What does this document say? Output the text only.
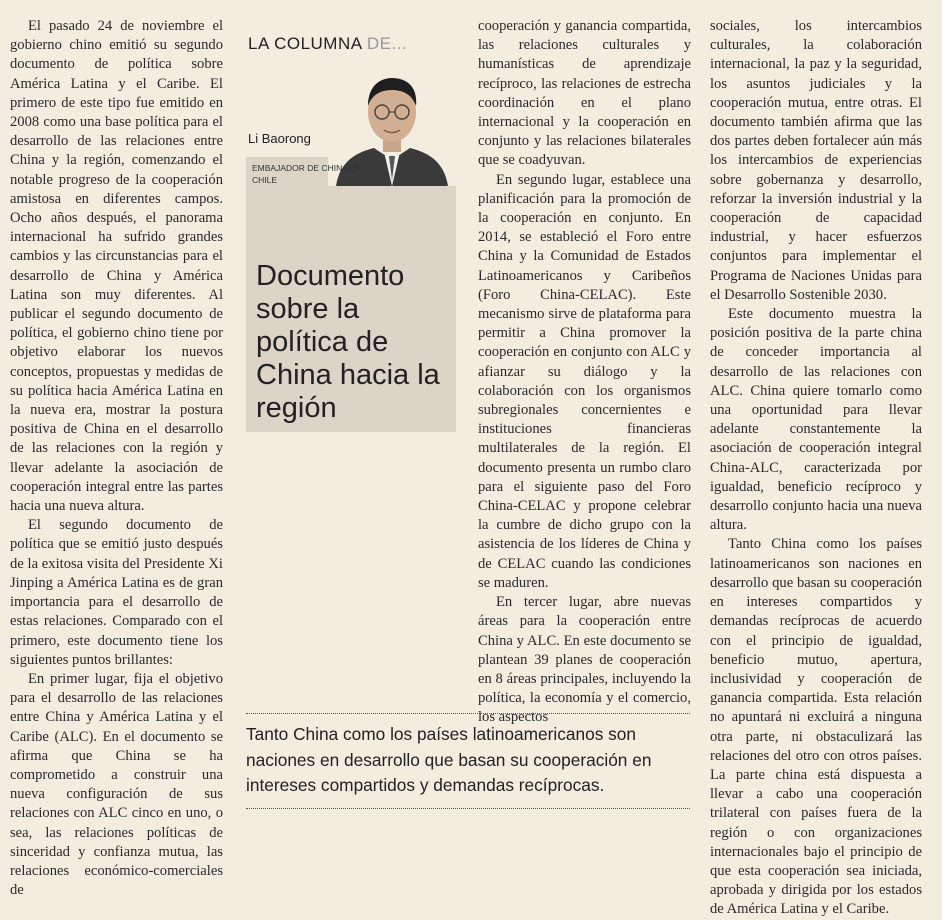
El pasado 24 de noviembre el gobierno chino emitió su segundo documento de política sobre América Latina y el Caribe. El primero de este tipo fue emitido en 2008 como una base política para el desarrollo de las relaciones entre China y la región, comenzando el notable progreso de la cooperación amistosa en diferentes campos. Ocho años después, el panorama internacional ha sufrido grandes cambios y las circunstancias para el desarrollo de China y América Latina son muy diferentes. Al publicar el segundo documento de política, el gobierno chino tiene por objetivo elaborar los nuevos conceptos, propuestas y medidas de su política hacia América Latina en la nueva era, mostrar la postura positiva de China en el desarrollo de las relaciones con la región y llevar adelante la asociación de cooperación integral entre las partes hacia una nueva altura.

El segundo documento de política que se emitió justo después de la exitosa visita del Presidente Xi Jinping a América Latina es de gran importancia para el desarrollo de estas relaciones. Comparado con el primero, este documento tiene los siguientes puntos brillantes:

En primer lugar, fija el objetivo para el desarrollo de las relaciones entre China y América Latina y el Caribe (ALC). En el documento se afirma que China se ha comprometido a construir una nueva configuración de sus relaciones con ALC cinco en uno, o sea, las relaciones políticas de sinceridad y confianza mutua, las relaciones económico-comerciales de

LA COLUMNA DE...
Li Baorong
EMBAJADOR DE CHINA EN CHILE
Documento sobre la política de China hacia la región

cooperación y ganancia compartida, las relaciones culturales y humanísticas de aprendizaje recíproco, las relaciones de estrecha coordinación en el plano internacional y la cooperación en conjunto y las relaciones bilaterales que se coadyuvan.

En segundo lugar, establece una planificación para la promoción de la cooperación en conjunto. En 2014, se estableció el Foro entre China y la Comunidad de Estados Latinoamericanos y Caribeños (Foro China-CELAC). Este mecanismo sirve de plataforma para permitir a China promover la cooperación en conjunto con ALC y afianzar su diálogo y la colaboración con los organismos subregionales concernientes e instituciones financieras multilaterales de la región. El documento presenta un rumbo claro para el siguiente paso del Foro China-CELAC y propone celebrar la cumbre de dicho grupo con la asistencia de los líderes de China y de CELAC cuando las condiciones se maduren.

En tercer lugar, abre nuevas áreas para la cooperación entre China y ALC. En este documento se plantean 39 planes de cooperación en 8 áreas principales, incluyendo la política, la economía y el comercio, los aspectos

sociales, los intercambios culturales, la colaboración internacional, la paz y la seguridad, los asuntos judiciales y la cooperación mutua, entre otras. El documento también afirma que las dos partes deben fortalecer aún más los intercambios de experiencias sobre gobernanza y desarrollo, reforzar la inversión industrial y la cooperación de capacidad industrial, y hacer esfuerzos conjuntos para implementar el Programa de Naciones Unidas para el Desarrollo Sostenible 2030.

Este documento muestra la posición positiva de la parte china de conceder importancia al desarrollo de las relaciones con ALC. China quiere tomarlo como una oportunidad para llevar adelante constantemente la asociación de cooperación integral China-ALC, caracterizada por igualdad, beneficio recíproco y desarrollo conjunto hacia una nueva altura.

Tanto China como los países latinoamericanos son naciones en desarrollo que basan su cooperación en intereses compartidos y demandas recíprocas de acuerdo con el principio de igualdad, beneficio mutuo, apertura, inclusividad y cooperación de ganancia compartida. Esta relación no apuntará ni excluirá a ninguna otra parte, ni obstaculizará las relaciones del otro con otros países. La parte china está dispuesta a llevar a cabo una cooperación trilateral con países fuera de la región o con organizaciones internacionales bajo el principio de que esta cooperación sea iniciada, aprobada y dirigida por los estados de América Latina y el Caribe.

Tanto China como los países latinoamericanos son naciones en desarrollo que basan su cooperación en intereses compartidos y demandas recíprocas.
